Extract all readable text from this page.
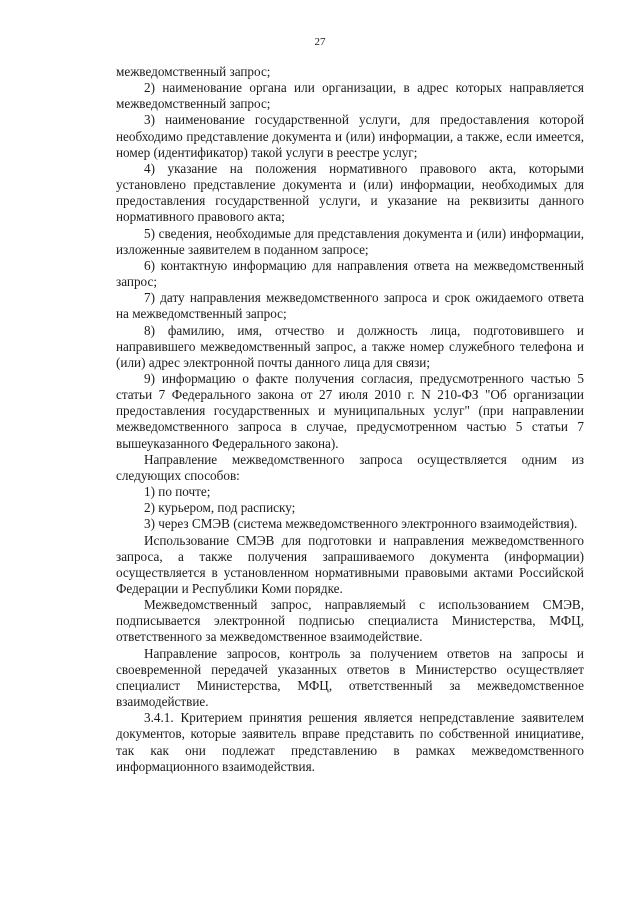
27

межведомственный запрос;

2) наименование органа или организации, в адрес которых направляется межведомственный запрос;

3) наименование государственной услуги, для предоставления которой необходимо представление документа и (или) информации, а также, если имеется, номер (идентификатор) такой услуги в реестре услуг;

4) указание на положения нормативного правового акта, которыми установлено представление документа и (или) информации, необходимых для предоставления государственной услуги, и указание на реквизиты данного нормативного правового акта;

5) сведения, необходимые для представления документа и (или) информации, изложенные заявителем в поданном запросе;

6) контактную информацию для направления ответа на межведомственный запрос;

7) дату направления межведомственного запроса и срок ожидаемого ответа на межведомственный запрос;

8) фамилию, имя, отчество и должность лица, подготовившего и направившего межведомственный запрос, а также номер служебного телефона и (или) адрес электронной почты данного лица для связи;

9) информацию о факте получения согласия, предусмотренного частью 5 статьи 7 Федерального закона от 27 июля 2010 г. N 210-ФЗ "Об организации предоставления государственных и муниципальных услуг" (при направлении межведомственного запроса в случае, предусмотренном частью 5 статьи 7 вышеуказанного Федерального закона).

Направление межведомственного запроса осуществляется одним из следующих способов:

1) по почте;

2) курьером, под расписку;

3) через СМЭВ (система межведомственного электронного взаимодействия).

Использование СМЭВ для подготовки и направления межведомственного запроса, а также получения запрашиваемого документа (информации) осуществляется в установленном нормативными правовыми актами Российской Федерации и Республики Коми порядке.

Межведомственный запрос, направляемый с использованием СМЭВ, подписывается электронной подписью специалиста Министерства, МФЦ, ответственного за межведомственное взаимодействие.

Направление запросов, контроль за получением ответов на запросы и своевременной передачей указанных ответов в Министерство осуществляет специалист Министерства, МФЦ, ответственный за межведомственное взаимодействие.

3.4.1. Критерием принятия решения является непредставление заявителем документов, которые заявитель вправе представить по собственной инициативе, так как они подлежат представлению в рамках межведомственного информационного взаимодействия.
